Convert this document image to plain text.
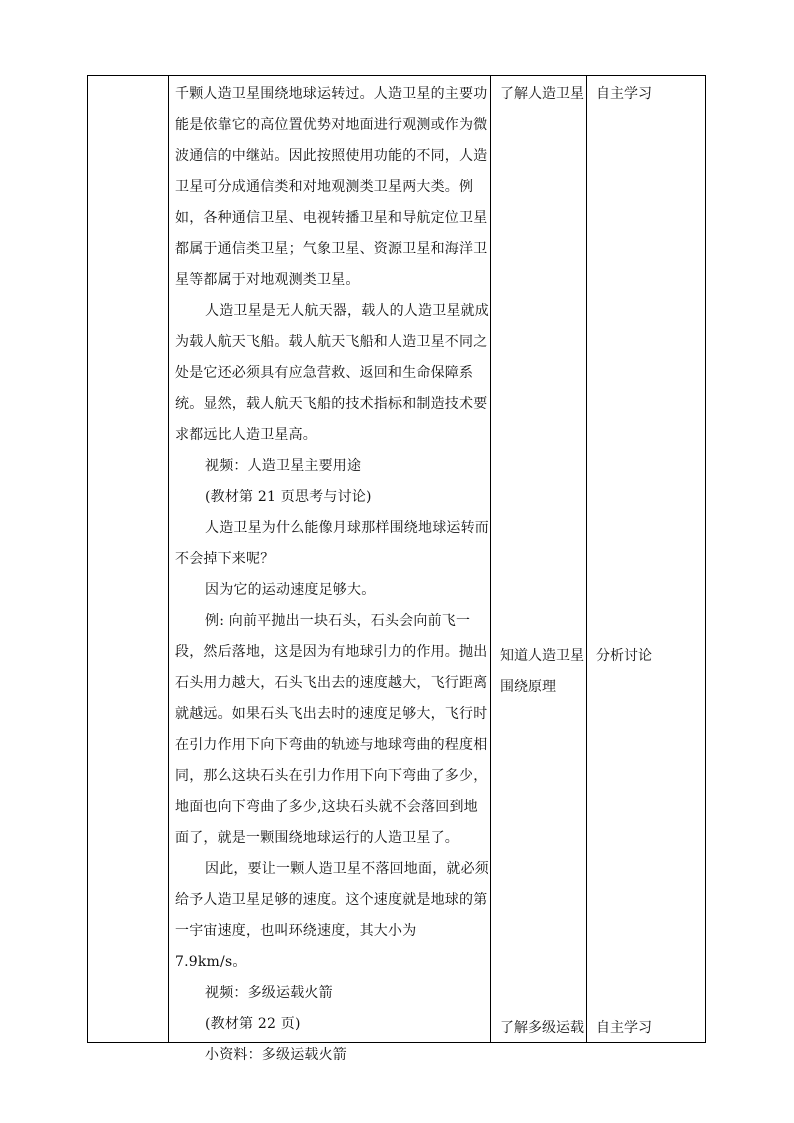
千颗人造卫星围绕地球运转过。人造卫星的主要功能是依靠它的高位置优势对地面进行观测或作为微波通信的中继站。因此按照使用功能的不同，人造卫星可分成通信类和对地观测类卫星两大类。例如，各种通信卫星、电视转播卫星和导航定位卫星都属于通信类卫星；气象卫星、资源卫星和海洋卫星等都属于对地观测类卫星。

人造卫星是无人航天器，载人的人造卫星就成为载人航天飞船。载人航天飞船和人造卫星不同之处是它还必须具有应急营救、返回和生命保障系统。显然，载人航天飞船的技术指标和制造技术要求都远比人造卫星高。

视频：人造卫星主要用途

(教材第 21 页思考与讨论)

人造卫星为什么能像月球那样围绕地球运转而不会掉下来呢？

因为它的运动速度足够大。

例: 向前平抛出一块石头，石头会向前飞一段，然后落地，这是因为有地球引力的作用。抛出石头用力越大，石头飞出去的速度越大，飞行距离就越远。如果石头飞出去时的速度足够大，飞行时在引力作用下向下弯曲的轨迹与地球弯曲的程度相同，那么这块石头在引力作用下向下弯曲了多少，地面也向下弯曲了多少,这块石头就不会落回到地面了，就是一颗围绕地球运行的人造卫星了。

因此，要让一颗人造卫星不落回地面，就必须给予人造卫星足够的速度。这个速度就是地球的第一宇宙速度，也叫环绕速度，其大小为 7.9km/s。

视频：多级运载火箭

(教材第 22 页)

小资料：多级运载火箭

了解人造卫星
知道人造卫星围绕原理
了解多级运载
自主学习
分析讨论
自主学习
